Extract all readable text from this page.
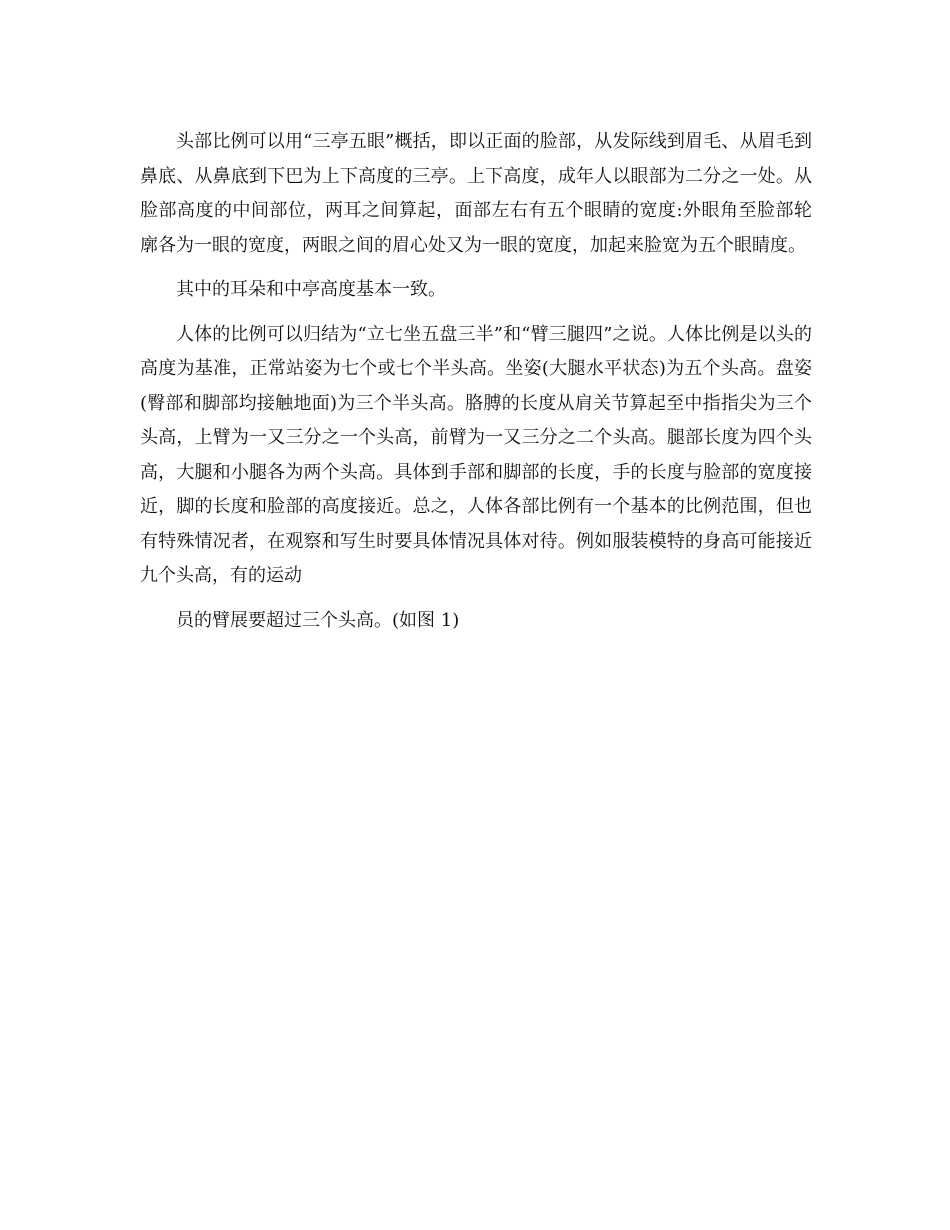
头部比例可以用“三亭五眼”概括，即以正面的脸部，从发际线到眉毛、从眉毛到鼻底、从鼻底到下巴为上下高度的三亭。上下高度，成年人以眼部为二分之一处。从脸部高度的中间部位，两耳之间算起，面部左右有五个眼睛的宽度:外眼角至脸部轮廓各为一眼的宽度，两眼之间的眉心处又为一眼的宽度，加起来脸宽为五个眼睛度。

其中的耳朵和中亭高度基本一致。

人体的比例可以归结为“立七坐五盘三半”和“臂三腿四”之说。人体比例是以头的高度为基准，正常站姿为七个或七个半头高。坐姿(大腿水平状态)为五个头高。盘姿(臀部和脚部均接触地面)为三个半头高。胳膊的长度从肩关节算起至中指指尖为三个头高，上臂为一又三分之一个头高，前臂为一又三分之二个头高。腿部长度为四个头高，大腿和小腿各为两个头高。具体到手部和脚部的长度，手的长度与脸部的宽度接近，脚的长度和脸部的高度接近。总之，人体各部比例有一个基本的比例范围，但也有特殊情况者，在观察和写生时要具体情况具体对待。例如服装模特的身高可能接近九个头高，有的运动

员的臂展要超过三个头高。(如图 1)
